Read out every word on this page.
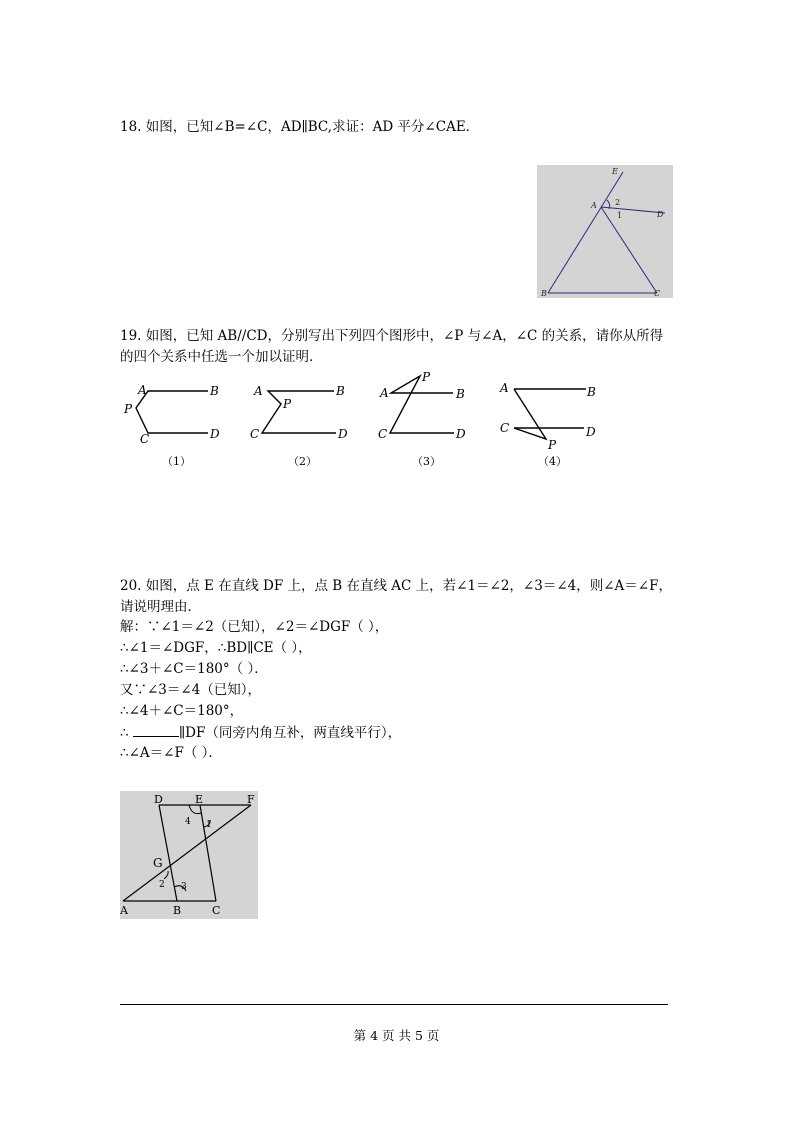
18. 如图，已知∠B=∠C，AD∥BC,求证：AD 平分∠CAE．
E
A
D
B	C
2
1
19. 如图，已知 AB//CD，分别写出下列四个图形中，∠P 与∠A，∠C 的关系，请你从所得
的四个关系中任选一个加以证明．
A	B
P
C	D
（1）
A	B
P
C	D
（2）
A	B
P
C	D
（3）
A	B
C	D
P
（4）
20. 如图，点 E 在直线 DF 上，点 B 在直线 AC 上，若∠1＝∠2，∠3＝∠4，则∠A＝∠F，
请说明理由．
解：∵∠1＝∠2（已知），∠2＝∠DGF（ ），
∴∠1＝∠DGF，∴BD∥CE（ ），
∴∠3＋∠C＝180°（ ）．
又∵∠3＝∠4（已知），
∴∠4＋∠C＝180°，
∴	∥DF（同旁内角互补，两直线平行），
∴∠A＝∠F（ ）．
D	E	F
G
A	B	C
1
4
2 3
第 4 页 共 5 页
